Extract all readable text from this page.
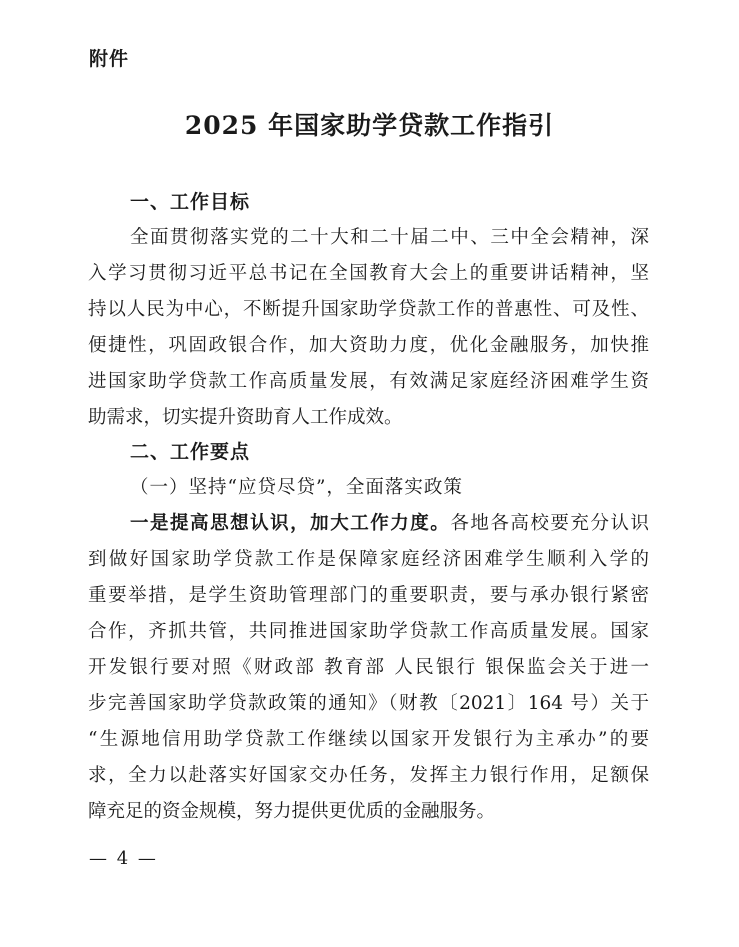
附件
2025 年国家助学贷款工作指引
一、工作目标
全面贯彻落实党的二十大和二十届二中、三中全会精神，深
入学习贯彻习近平总书记在全国教育大会上的重要讲话精神，坚
持以人民为中心，不断提升国家助学贷款工作的普惠性、可及性、
便捷性，巩固政银合作，加大资助力度，优化金融服务，加快推
进国家助学贷款工作高质量发展，有效满足家庭经济困难学生资
助需求，切实提升资助育人工作成效。
二、工作要点
（一）坚持“应贷尽贷”，全面落实政策
一是提高思想认识，加大工作力度。各地各高校要充分认识
到做好国家助学贷款工作是保障家庭经济困难学生顺利入学的
重要举措，是学生资助管理部门的重要职责，要与承办银行紧密
合作，齐抓共管，共同推进国家助学贷款工作高质量发展。国家
开发银行要对照《财政部 教育部 人民银行 银保监会关于进一
步完善国家助学贷款政策的通知》（财教〔2021〕164 号）关于
“生源地信用助学贷款工作继续以国家开发银行为主承办”的要
求，全力以赴落实好国家交办任务，发挥主力银行作用，足额保
障充足的资金规模，努力提供更优质的金融服务。
— 4 —
